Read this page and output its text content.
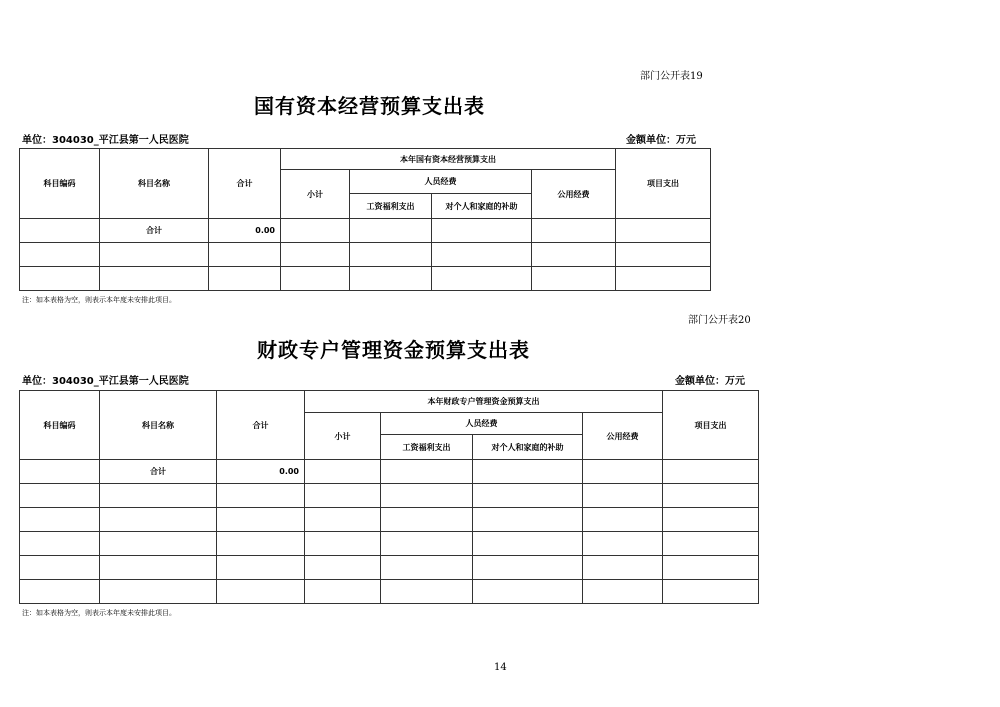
部门公开表19
国有资本经营预算支出表
单位：304030_平江县第一人民医院	金额单位：万元
科目编码	科目名称	合计	本年国有资本经营预算支出				项目支出
			小计	人员经费		公用经费	
				工资福利支出	对个人和家庭的补助		
	合计	0.00					

注：如本表格为空，则表示本年度未安排此项目。
部门公开表20
财政专户管理资金预算支出表
单位：304030_平江县第一人民医院	金额单位：万元
科目编码	科目名称	合计	本年财政专户管理资金预算支出				项目支出
			小计	人员经费		公用经费	
				工资福利支出	对个人和家庭的补助		
	合计	0.00					

注：如本表格为空，则表示本年度未安排此项目。
14
